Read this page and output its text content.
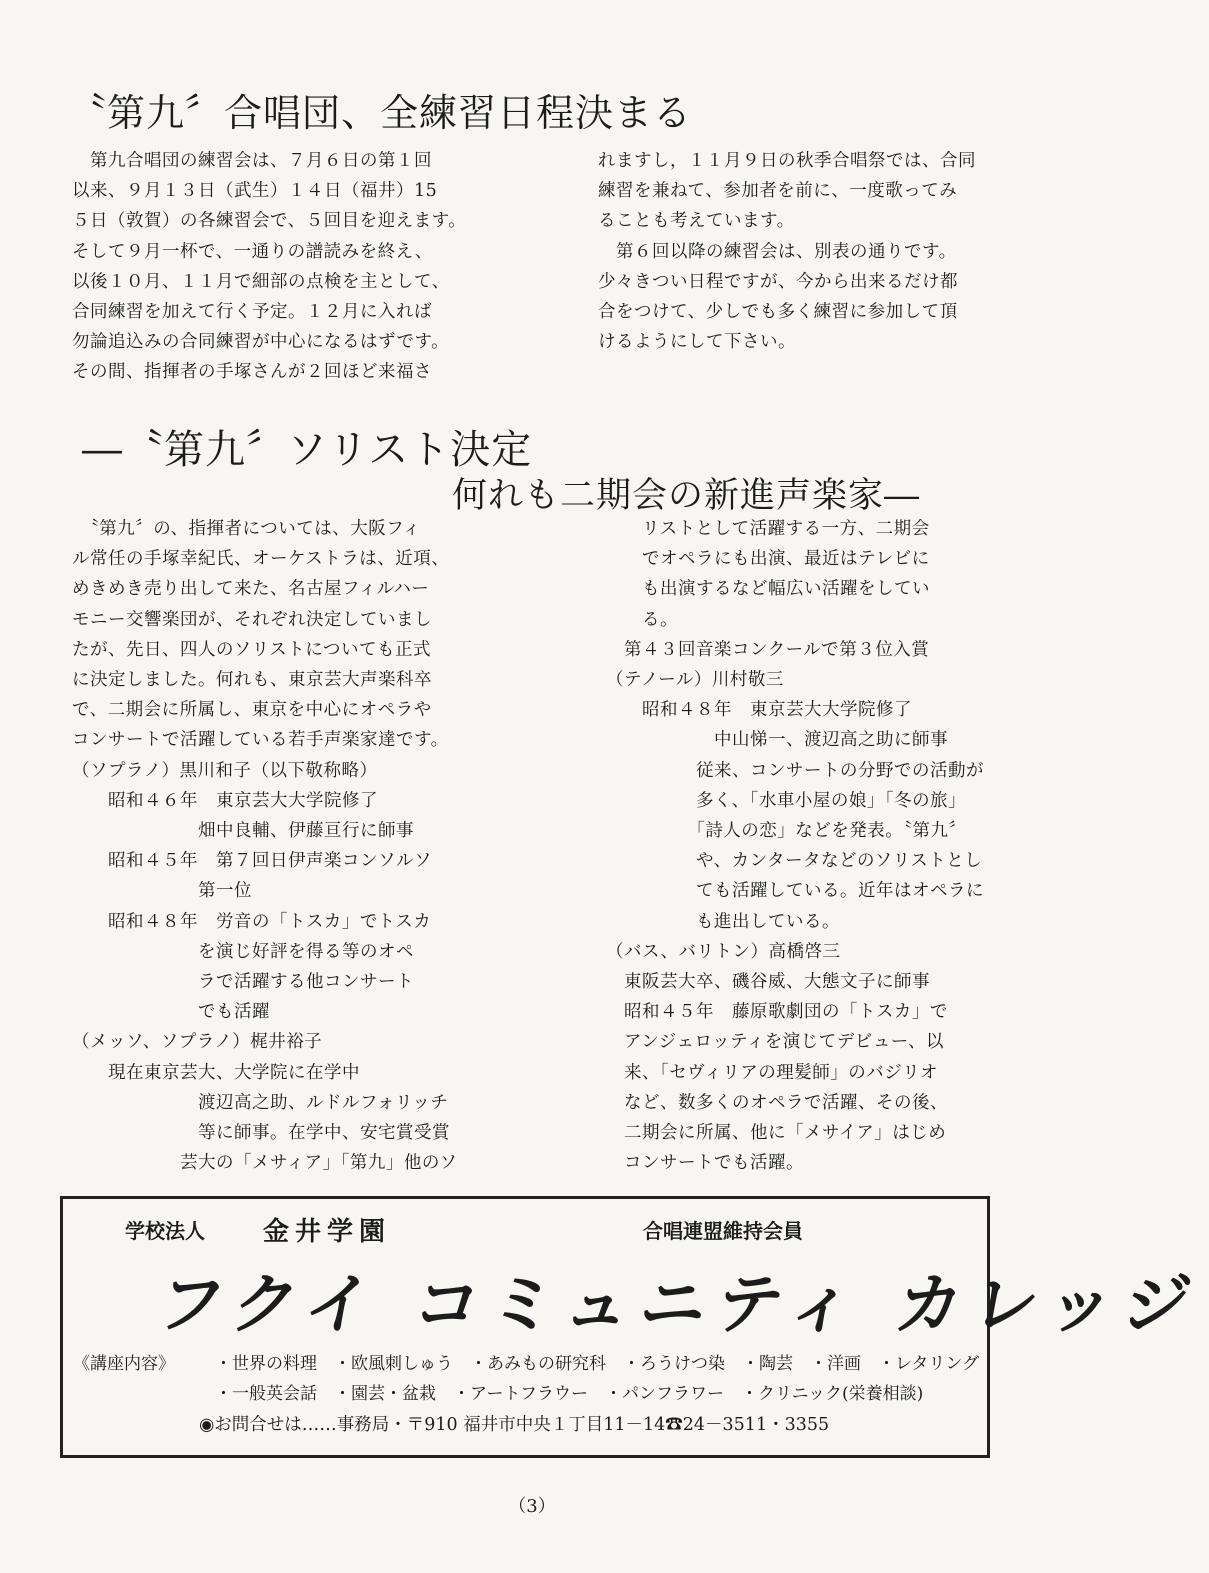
〝第九〞合唱団、全練習日程決まる
　第九合唱団の練習会は、７月６日の第１回
以来、９月１３日（武生）１４日（福井）15
５日（敦賀）の各練習会で、５回目を迎えます。
そして９月一杯で、一通りの譜読みを終え、
以後１０月、１１月で細部の点検を主として、
合同練習を加えて行く予定。１２月に入れば
勿論追込みの合同練習が中心になるはずです。
その間、指揮者の手塚さんが２回ほど来福さ
れますし，１１月９日の秋季合唱祭では、合同
練習を兼ねて、参加者を前に、一度歌ってみ
ることも考えています。
　第６回以降の練習会は、別表の通りです。
少々きつい日程ですが、今から出来るだけ都
合をつけて、少しでも多く練習に参加して頂
けるようにして下さい。
―〝第九〞ソリスト決定
何れも二期会の新進声楽家―
　〝第九〞の、指揮者については、大阪フィ
ル常任の手塚幸紀氏、オーケストラは、近項、
めきめき売り出して来た、名古屋フィルハー
モニー交響楽団が、それぞれ決定していまし
たが、先日、四人のソリストについても正式
に決定しました。何れも、東京芸大声楽科卒
で、二期会に所属し、東京を中心にオペラや
コンサートで活躍している若手声楽家達です。
（ソプラノ）黒川和子（以下敬称略）
　　昭和４６年　東京芸大大学院修了
　　　　　　　畑中良輔、伊藤亘行に師事
　　昭和４５年　第７回日伊声楽コンソルソ
　　　　　　　第一位
　　昭和４８年　労音の「トスカ」でトスカ
　　　　　　　を演じ好評を得る等のオペ
　　　　　　　ラで活躍する他コンサート
　　　　　　　でも活躍
（メッソ、ソプラノ）梶井裕子
　　現在東京芸大、大学院に在学中
　　　　　　　渡辺高之助、ルドルフォリッチ
　　　　　　　等に師事。在学中、安宅賞受賞
　　　　　　芸大の「メサィア」「第九」他のソ
　　リストとして活躍する一方、二期会
　　でオペラにも出演、最近はテレビに
　　も出演するなど幅広い活躍をしてい
　　る。
　第４３回音楽コンクールで第３位入賞
（テノール）川村敬三
　　昭和４８年　東京芸大大学院修了
　　　　　　中山悌一、渡辺高之助に師事
　　　　　従来、コンサートの分野での活動が
　　　　　多く、「水車小屋の娘」「冬の旅」
　　　　　「詩人の恋」などを発表。〝第九〞
　　　　　や、カンタータなどのソリストとし
　　　　　ても活躍している。近年はオペラに
　　　　　も進出している。
（バス、バリトン）高橋啓三
　東阪芸大卒、磯谷威、大態文子に師事
　昭和４５年　藤原歌劇団の「トスカ」で
　アンジェロッティを演じてデビュー、以
　来、「セヴィリアの理髪師」のバジリオ
　など、数多くのオペラで活躍、その後、
　二期会に所属、他に「メサイア」はじめ
　コンサートでも活躍。
学校法人 金井学園	合唱連盟維持会員
フクイ コミュニティ カレッジ
《講座内容》 ・世界の料理　・欧風刺しゅう　・あみもの研究科　・ろうけつ染　・陶芸　・洋画　・レタリング
・一般英会話　・園芸・盆栽　・アートフラウー　・パンフラワー　・クリニック(栄養相談)
◉お問合せは……事務局・〒910 福井市中央１丁目11－14☎24－3511・3355
（3）
